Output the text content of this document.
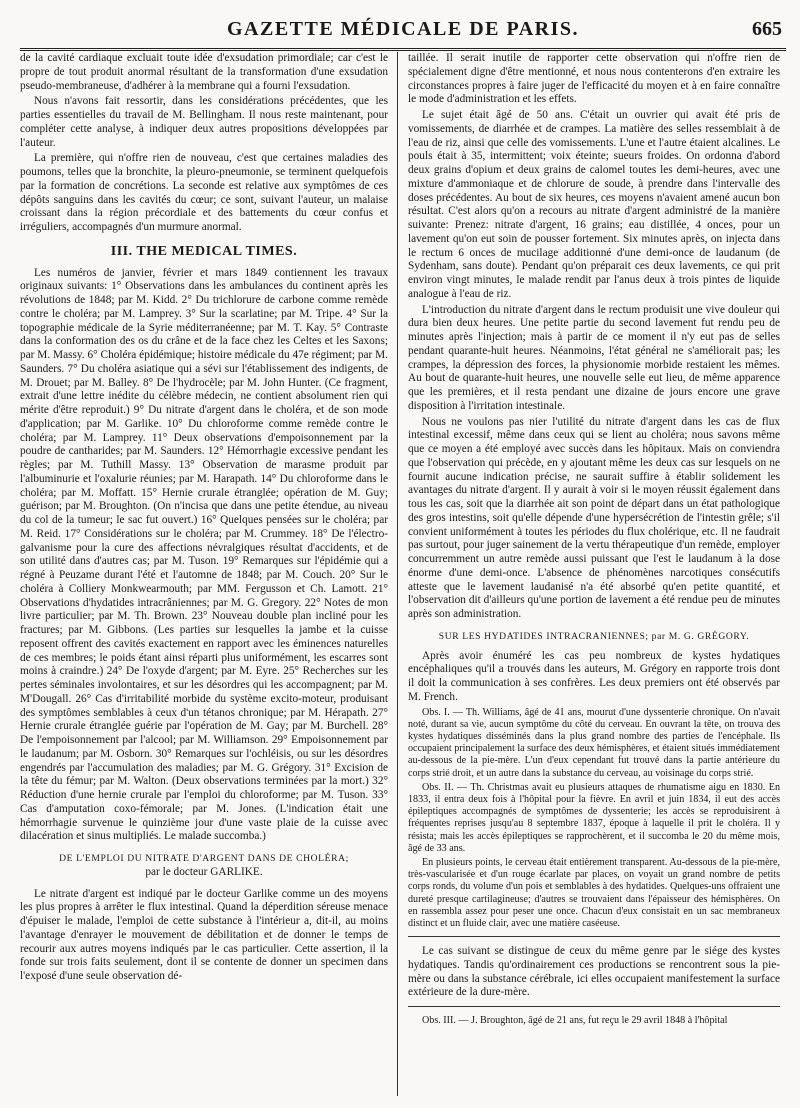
GAZETTE MÉDICALE DE PARIS.	665

de la cavité cardiaque excluait toute idée d'exsudation primordiale; car c'est le propre de tout produit anormal résultant de la transformation d'une exsudation pseudo-membraneuse, d'adhérer à la membrane qui a fourni l'exsudation.

Nous n'avons fait ressortir, dans les considérations précédentes, que les parties essentielles du travail de M. Bellingham. Il nous reste maintenant, pour compléter cette analyse, à indiquer deux autres propositions développées par l'auteur.

La première, qui n'offre rien de nouveau, c'est que certaines maladies des poumons, telles que la bronchite, la pleuro-pneumonie, se terminent quelquefois par la formation de concrétions. La seconde est relative aux symptômes de ces dépôts sanguins dans les cavités du cœur; ce sont, suivant l'auteur, un malaise croissant dans la région précordiale et des battements du cœur confus et irréguliers, accompagnés d'un murmure anormal.

III. THE MEDICAL TIMES.

Les numéros de janvier, février et mars 1849 contiennent les travaux originaux suivants: 1° Observations dans les ambulances du continent après les révolutions de 1848; par M. Kidd. 2° Du trichlorure de carbone comme remède contre le choléra; par M. Lamprey. 3° Sur la scarlatine; par M. Tripe. 4° Sur la topographie médicale de la Syrie méditerranéenne; par M. T. Kay. 5° Contraste dans la conformation des os du crâne et de la face chez les Celtes et les Saxons; par M. Massy. 6° Choléra épidémique; histoire médicale du 47e régiment; par M. Saunders. 7° Du choléra asiatique qui a sévi sur l'établissement des indigents, de M. Drouet; par M. Balley. 8° De l'hydrocèle; par M. John Hunter. (Ce fragment, extrait d'une lettre inédite du célèbre médecin, ne contient absolument rien qui mérite d'être reproduit.) 9° Du nitrate d'argent dans le choléra, et de son mode d'application; par M. Garlike. 10° Du chloroforme comme remède contre le choléra; par M. Lamprey. 11° Deux observations d'empoisonnement par la poudre de cantharides; par M. Saunders. 12° Hémorrhagie excessive pendant les règles; par M. Tuthill Massy. 13° Observation de marasme produit par l'albuminurie et l'oxalurie réunies; par M. Harapath. 14° Du chloroforme dans le choléra; par M. Moffatt. 15° Hernie crurale étranglée; opération de M. Guy; guérison; par M. Broughton. (On n'incisa que dans une petite étendue, au niveau du col de la tumeur; le sac fut ouvert.) 16° Quelques pensées sur le choléra; par M. Reid. 17° Considérations sur le choléra; par M. Crummey. 18° De l'électro-galvanisme pour la cure des affections névralgiques résultat d'accidents, et de son utilité dans d'autres cas; par M. Tuson. 19° Remarques sur l'épidémie qui a régné à Peuzame durant l'été et l'automne de 1848; par M. Couch. 20° Sur le choléra à Colliery Monkwearmouth; par MM. Fergusson et Ch. Lamott. 21° Observations d'hydatides intracrâniennes; par M. G. Gregory. 22° Notes de mon livre particulier; par M. Th. Brown. 23° Nouveau double plan incliné pour les fractures; par M. Gibbons. (Les parties sur lesquelles la jambe et la cuisse reposent offrent des cavités exactement en rapport avec les éminences naturelles de ces membres; le poids étant ainsi réparti plus uniformément, les escarres sont moins à craindre.) 24° De l'oxyde d'argent; par M. Eyre. 25° Recherches sur les pertes séminales involontaires, et sur les désordres qui les accompagnent; par M. M'Dougall. 26° Cas d'irritabilité morbide du système excito-moteur, produisant des symptômes semblables à ceux d'un tétanos chronique; par M. Hérapath. 27° Hernie crurale étranglée guérie par l'opération de M. Gay; par M. Burchell. 28° De l'empoisonnement par l'alcool; par M. Williamson. 29° Empoisonnement par le laudanum; par M. Osborn. 30° Remarques sur l'ochléisis, ou sur les désordres engendrés par l'accumulation des maladies; par M. G. Grégory. 31° Excision de la tête du fémur; par M. Walton. (Deux observations terminées par la mort.) 32° Réduction d'une hernie crurale par l'emploi du chloroforme; par M. Tuson. 33° Cas d'amputation coxo-fémorale; par M. Jones. (L'indication était une hémorrhagie survenue le quinzième jour d'une vaste plaie de la cuisse avec dilacération et sinus multipliés. Le malade succomba.)

DE L'EMPLOI DU NITRATE D'ARGENT DANS DE CHOLÉRA;
par le docteur GARLIKE.

Le nitrate d'argent est indiqué par le docteur Garlike comme un des moyens les plus propres à arrêter le flux intestinal. Quand la déperdition séreuse menace d'épuiser le malade, l'emploi de cette substance à l'intérieur a, dit-il, au moins l'avantage d'enrayer le mouvement de débilitation et de donner le temps de recourir aux autres moyens indiqués par le cas particulier. Cette assertion, il la fonde sur trois faits seulement, dont il se contente de donner un specimen dans l'exposé d'une seule observation dé-

taillée. Il serait inutile de rapporter cette observation qui n'offre rien de spécialement digne d'être mentionné, et nous nous contenterons d'en extraire les circonstances propres à faire juger de l'efficacité du moyen et à en faire connaître le mode d'administration et les effets.

Le sujet était âgé de 50 ans. C'était un ouvrier qui avait été pris de vomissements, de diarrhée et de crampes. La matière des selles ressemblait à de l'eau de riz, ainsi que celle des vomissements. L'une et l'autre étaient alcalines. Le pouls était à 35, intermittent; voix éteinte; sueurs froides. On ordonna d'abord deux grains d'opium et deux grains de calomel toutes les demi-heures, avec une mixture d'ammoniaque et de chlorure de soude, à prendre dans l'intervalle des doses précédentes. Au bout de six heures, ces moyens n'avaient amené aucun bon résultat. C'est alors qu'on a recours au nitrate d'argent administré de la manière suivante: Prenez: nitrate d'argent, 16 grains; eau distillée, 4 onces, pour un lavement qu'on eut soin de pousser fortement. Six minutes après, on injecta dans le rectum 6 onces de mucilage additionné d'une demi-once de laudanum (de Sydenham, sans doute). Pendant qu'on préparait ces deux lavements, ce qui prit environ vingt minutes, le malade rendit par l'anus deux à trois pintes de liquide analogue à l'eau de riz.

L'introduction du nitrate d'argent dans le rectum produisit une vive douleur qui dura bien deux heures. Une petite partie du second lavement fut rendu peu de minutes après l'injection; mais à partir de ce moment il n'y eut pas de selles pendant quarante-huit heures. Néanmoins, l'état général ne s'améliorait pas; les crampes, la dépression des forces, la physionomie morbide restaient les mêmes. Au bout de quarante-huit heures, une nouvelle selle eut lieu, de même apparence que les premières, et il resta pendant une dizaine de jours encore une grave disposition à l'irritation intestinale.

Nous ne voulons pas nier l'utilité du nitrate d'argent dans les cas de flux intestinal excessif, même dans ceux qui se lient au choléra; nous savons même que ce moyen a été employé avec succès dans les hôpitaux. Mais on conviendra que l'observation qui précède, en y ajoutant même les deux cas sur lesquels on ne fournit aucune indication précise, ne saurait suffire à établir solidement les avantages du nitrate d'argent. Il y aurait à voir si le moyen réussit également dans tous les cas, soit que la diarrhée ait son point de départ dans un état pathologique des gros intestins, soit qu'elle dépende d'une hypersécrétion de l'intestin grêle; s'il convient uniformément à toutes les périodes du flux cholérique, etc. Il ne faudrait pas surtout, pour juger sainement de la vertu thérapeutique d'un remède, employer concurremment un autre remède aussi puissant que l'est le laudanum à la dose énorme d'une demi-once. L'absence de phénomènes narcotiques consécutifs atteste que le lavement laudanisé n'a été absorbé qu'en petite quantité, et l'observation dit d'ailleurs qu'une portion de lavement a été rendue peu de minutes après son administration.

SUR LES HYDATIDES INTRACRANIENNES; par M. G. GRÉGORY.

Après avoir énuméré les cas peu nombreux de kystes hydatiques encéphaliques qu'il a trouvés dans les auteurs, M. Grégory en rapporte trois dont il doit la communication à ses confrères. Les deux premiers ont été observés par M. French.

Obs. I. — Th. Williams, âgé de 41 ans, mourut d'une dyssenterie chronique. On n'avait noté, durant sa vie, aucun symptôme du côté du cerveau. En ouvrant la tête, on trouva des kystes hydatiques disséminés dans la plus grand nombre des parties de l'encéphale. Ils occupaient principalement la surface des deux hémisphères, et étaient situés immédiatement au-dessous de la pie-mère. L'un d'eux cependant fut trouvé dans la partie antérieure du corps strié droit, et un autre dans la substance du cerveau, au voisinage du corps strié.

Obs. II. — Th. Christmas avait eu plusieurs attaques de rhumatisme aigu en 1830. En 1833, il entra deux fois à l'hôpital pour la fièvre. En avril et juin 1834, il eut des accès épileptiques accompagnés de symptômes de dyssenterie; les accès se reproduisirent à fréquentes reprises jusqu'au 8 septembre 1837, époque à laquelle il prit le choléra. Il y résista; mais les accès épileptiques se rapprochèrent, et il succomba le 20 du même mois, âgé de 33 ans.

En plusieurs points, le cerveau était entièrement transparent. Au-dessous de la pie-mère, très-vascularisée et d'un rouge écarlate par places, on voyait un grand nombre de petits corps ronds, du volume d'un pois et semblables à des hydatides. Quelques-uns offraient une dureté presque cartilagineuse; d'autres se trouvaient dans l'épaisseur des hémisphères. On en rassembla assez pour peser une once. Chacun d'eux consistait en un sac membraneux distinct et un fluide clair, avec une matière caséeuse.

Le cas suivant se distingue de ceux du même genre par le siége des kystes hydatiques. Tandis qu'ordinairement ces productions se rencontrent sous la pie-mère ou dans la substance cérébrale, ici elles occupaient manifestement la surface extérieure de la dure-mère.

Obs. III. — J. Broughton, âgé de 21 ans, fut reçu le 29 avril 1848 à l'hôpital
